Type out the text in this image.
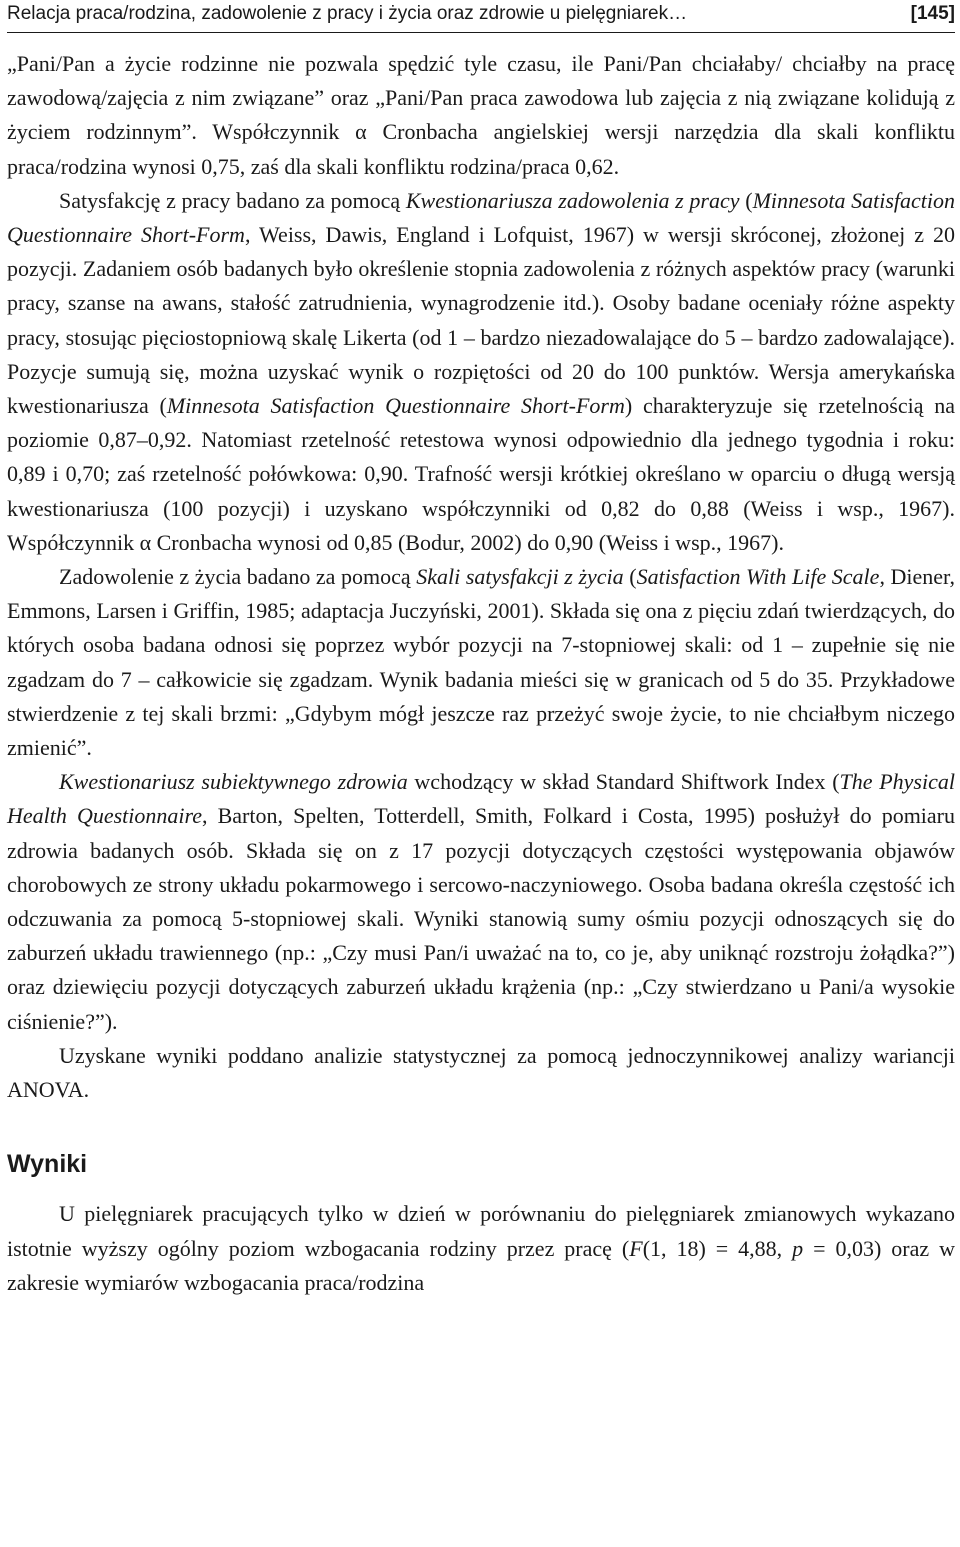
Relacja praca/rodzina, zadowolenie z pracy i życia oraz zdrowie u pielęgniarek…	[145]

„Pani/Pan a życie rodzinne nie pozwala spędzić tyle czasu, ile Pani/Pan chciałaby/ chciałby na pracę zawodową/zajęcia z nim związane” oraz „Pani/Pan praca zawodowa lub zajęcia z nią związane kolidują z życiem rodzinnym”. Współczynnik α Cronbacha angielskiej wersji narzędzia dla skali konfliktu praca/rodzina wynosi 0,75, zaś dla skali konfliktu rodzina/praca 0,62.

Satysfakcję z pracy badano za pomocą Kwestionariusza zadowolenia z pracy (Minnesota Satisfaction Questionnaire Short-Form, Weiss, Dawis, England i Lofquist, 1967) w wersji skróconej, złożonej z 20 pozycji. Zadaniem osób badanych było określenie stopnia zadowolenia z różnych aspektów pracy (warunki pracy, szanse na awans, stałość zatrudnienia, wynagrodzenie itd.). Osoby badane oceniały różne aspekty pracy, stosując pięciostopniową skalę Likerta (od 1 – bardzo niezadowalające do 5 – bardzo zadowalające). Pozycje sumują się, można uzyskać wynik o rozpiętości od 20 do 100 punktów. Wersja amerykańska kwestionariusza (Minnesota Satisfaction Questionnaire Short-Form) charakteryzuje się rzetelnością na poziomie 0,87–0,92. Natomiast rzetelność retestowa wynosi odpowiednio dla jednego tygodnia i roku: 0,89 i 0,70; zaś rzetelność połówkowa: 0,90. Trafność wersji krótkiej określano w oparciu o długą wersją kwestionariusza (100 pozycji) i uzyskano współczynniki od 0,82 do 0,88 (Weiss i wsp., 1967). Współczynnik α Cronbacha wynosi od 0,85 (Bodur, 2002) do 0,90 (Weiss i wsp., 1967).

Zadowolenie z życia badano za pomocą Skali satysfakcji z życia (Satisfaction With Life Scale, Diener, Emmons, Larsen i Griffin, 1985; adaptacja Juczyński, 2001). Składa się ona z pięciu zdań twierdzących, do których osoba badana odnosi się poprzez wybór pozycji na 7-stopniowej skali: od 1 – zupełnie się nie zgadzam do 7 – całkowicie się zgadzam. Wynik badania mieści się w granicach od 5 do 35. Przykładowe stwierdzenie z tej skali brzmi: „Gdybym mógł jeszcze raz przeżyć swoje życie, to nie chciałbym niczego zmienić”.

Kwestionariusz subiektywnego zdrowia wchodzący w skład Standard Shiftwork Index (The Physical Health Questionnaire, Barton, Spelten, Totterdell, Smith, Folkard i Costa, 1995) posłużył do pomiaru zdrowia badanych osób. Składa się on z 17 pozycji dotyczących częstości występowania objawów chorobowych ze strony układu pokarmowego i sercowo-naczyniowego. Osoba badana określa częstość ich odczuwania za pomocą 5-stopniowej skali. Wyniki stanowią sumy ośmiu pozycji odnoszących się do zaburzeń układu trawiennego (np.: „Czy musi Pan/i uważać na to, co je, aby uniknąć rozstroju żołądka?”) oraz dziewięciu pozycji dotyczących zaburzeń układu krążenia (np.: „Czy stwierdzano u Pani/a wysokie ciśnienie?”).

Uzyskane wyniki poddano analizie statystycznej za pomocą jednoczynnikowej analizy wariancji ANOVA.

Wyniki

U pielęgniarek pracujących tylko w dzień w porównaniu do pielęgniarek zmianowych wykazano istotnie wyższy ogólny poziom wzbogacania rodziny przez pracę (F(1, 18) = 4,88, p = 0,03) oraz w zakresie wymiarów wzbogacania praca/rodzina
